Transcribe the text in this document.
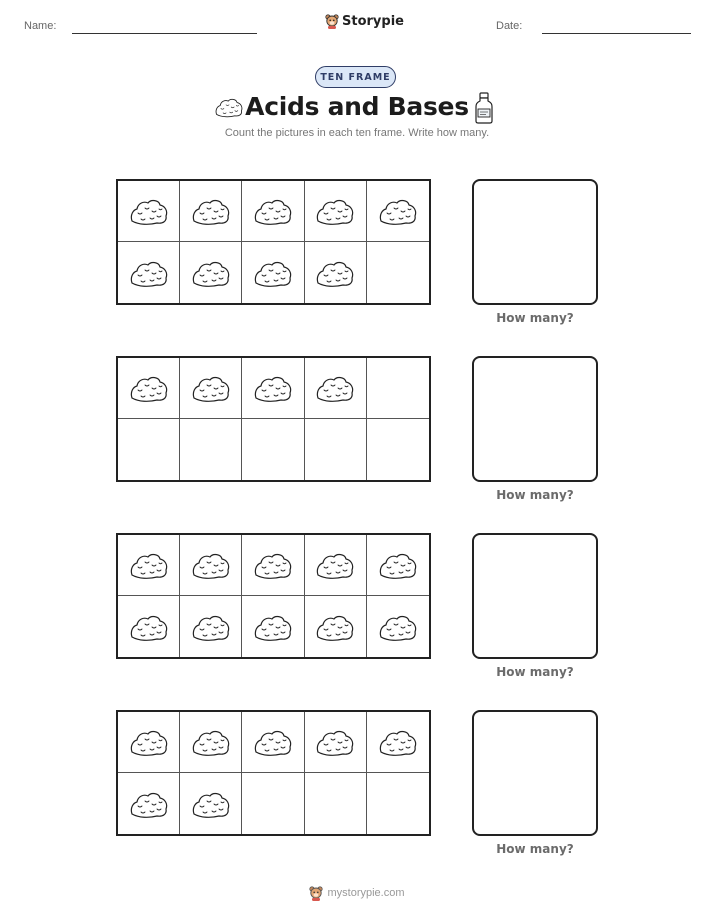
Name:	Storypie	Date:
TEN FRAME
Acids and Bases
Count the pictures in each ten frame. Write how many.
How many?
How many?
How many?
How many?
mystorypie.com
